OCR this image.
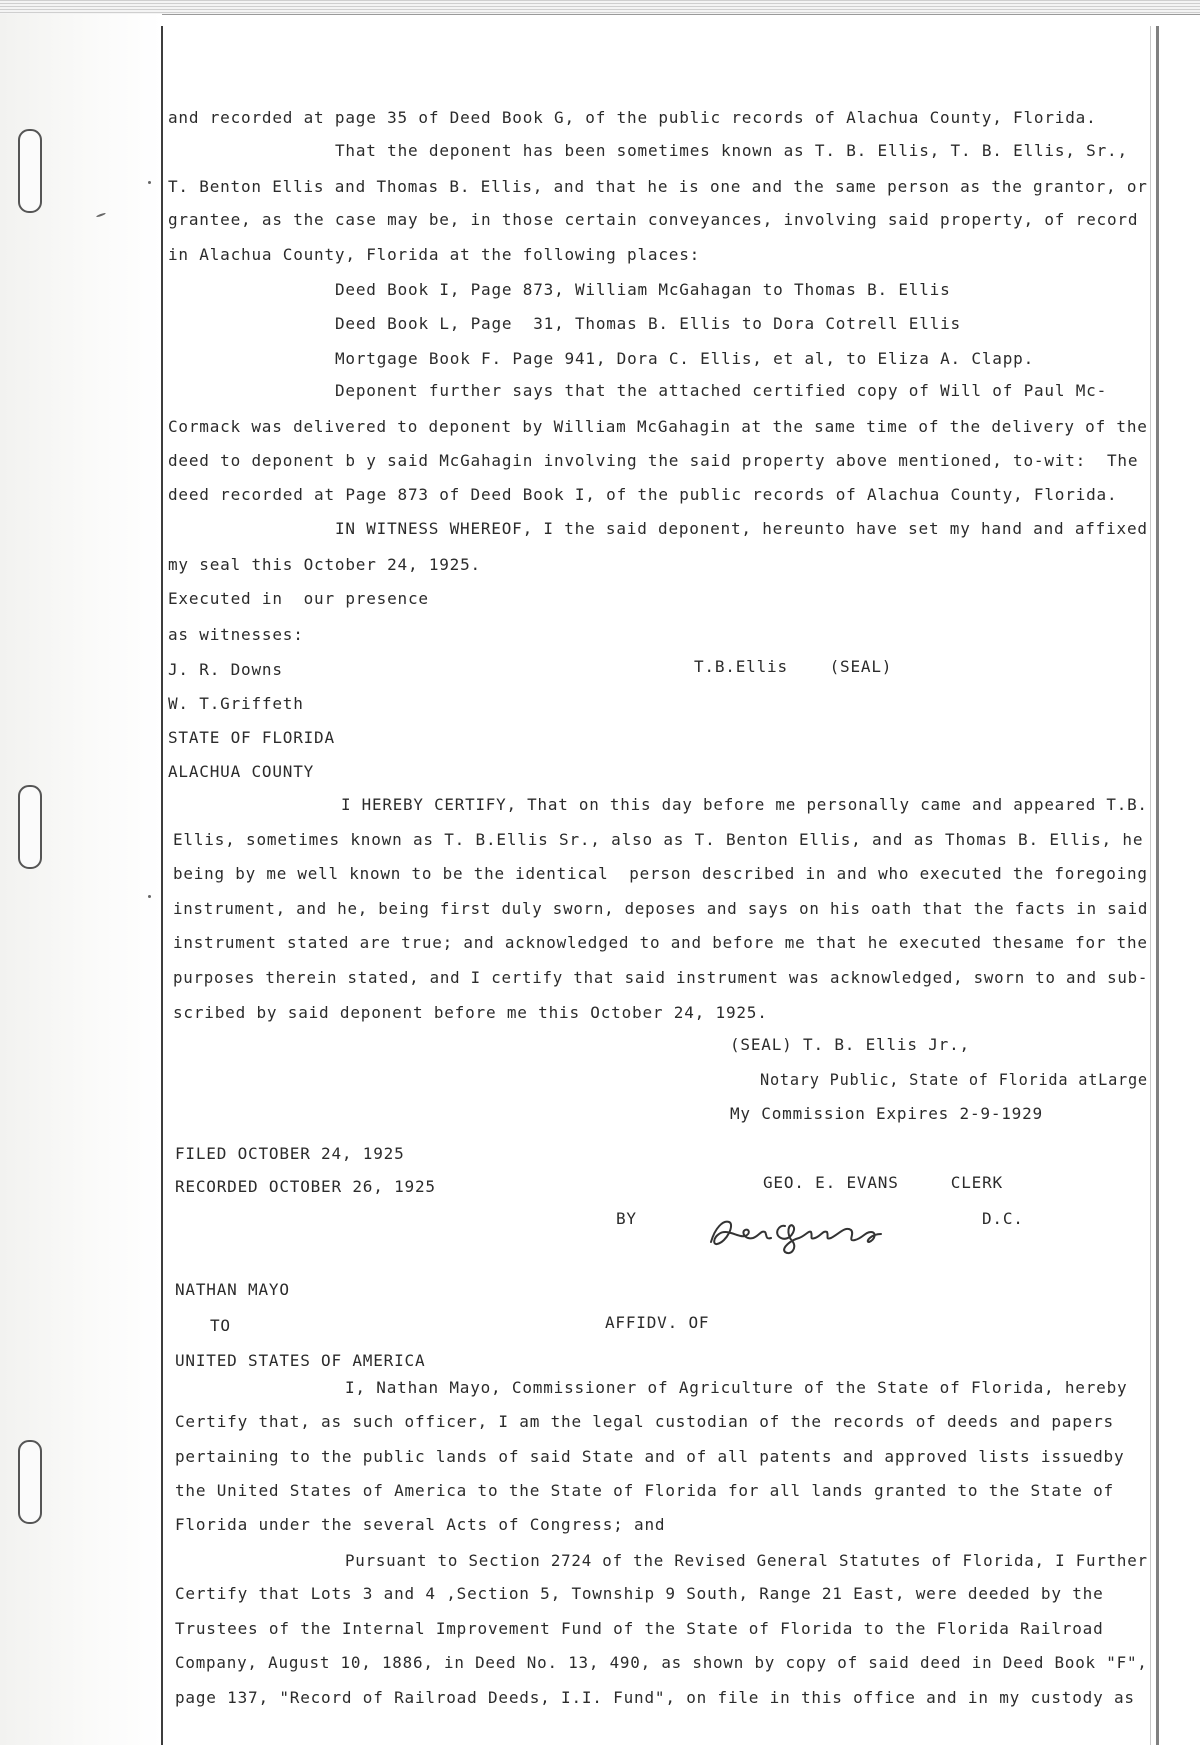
and recorded at page 35 of Deed Book G, of the public records of Alachua County, Florida.
That the deponent has been sometimes known as T. B. Ellis, T. B. Ellis, Sr.,
T. Benton Ellis and Thomas B. Ellis, and that he is one and the same person as the grantor, or
grantee, as the case may be, in those certain conveyances, involving said property, of record
in Alachua County, Florida at the following places:
Deed Book I, Page 873, William McGahagan to Thomas B. Ellis
Deed Book L, Page  31, Thomas B. Ellis to Dora Cotrell Ellis
Mortgage Book F. Page 941, Dora C. Ellis, et al, to Eliza A. Clapp.
Deponent further says that the attached certified copy of Will of Paul Mc-
Cormack was delivered to deponent by William McGahagin at the same time of the delivery of the
deed to deponent b y said McGahagin involving the said property above mentioned, to-wit:  The
deed recorded at Page 873 of Deed Book I, of the public records of Alachua County, Florida.
IN WITNESS WHEREOF, I the said deponent, hereunto have set my hand and affixed
my seal this October 24, 1925.
Executed in  our presence
as witnesses:
J. R. Downs	T.B.Ellis    (SEAL)
W. T.Griffeth
STATE OF FLORIDA
ALACHUA COUNTY
I HEREBY CERTIFY, That on this day before me personally came and appeared T.B.
Ellis, sometimes known as T. B.Ellis Sr., also as T. Benton Ellis, and as Thomas B. Ellis, he
being by me well known to be the identical  person described in and who executed the foregoing
instrument, and he, being first duly sworn, deposes and says on his oath that the facts in said
instrument stated are true; and acknowledged to and before me that he executed thesame for the
purposes therein stated, and I certify that said instrument was acknowledged, sworn to and sub-
scribed by said deponent before me this October 24, 1925.
(SEAL) T. B. Ellis Jr.,
Notary Public, State of Florida atLarge
My Commission Expires 2-9-1929
FILED OCTOBER 24, 1925
GEO. E. EVANS     CLERK
RECORDED OCTOBER 26, 1925
BY	D.C.
NATHAN MAYO
TO	AFFIDV. OF
UNITED STATES OF AMERICA
I, Nathan Mayo, Commissioner of Agriculture of the State of Florida, hereby
Certify that, as such officer, I am the legal custodian of the records of deeds and papers
pertaining to the public lands of said State and of all patents and approved lists issuedby
the United States of America to the State of Florida for all lands granted to the State of
Florida under the several Acts of Congress; and
Pursuant to Section 2724 of the Revised General Statutes of Florida, I Further
Certify that Lots 3 and 4 ,Section 5, Township 9 South, Range 21 East, were deeded by the
Trustees of the Internal Improvement Fund of the State of Florida to the Florida Railroad
Company, August 10, 1886, in Deed No. 13, 490, as shown by copy of said deed in Deed Book "F",
page 137, "Record of Railroad Deeds, I.I. Fund", on file in this office and in my custody as
